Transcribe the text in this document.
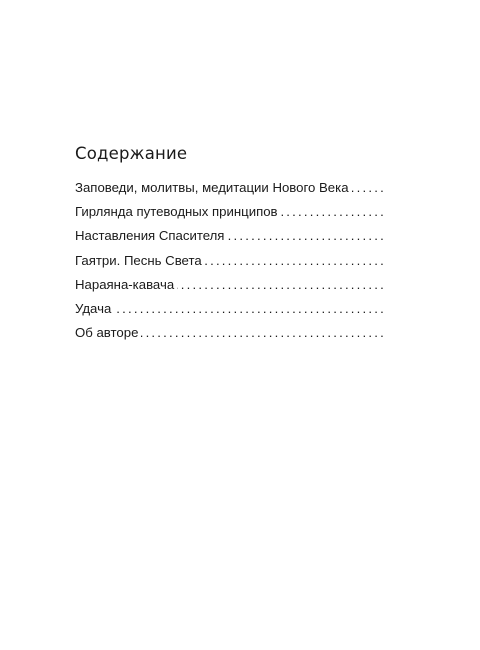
Содержание
Заповеди, молитвы, медитации Нового Века
.....
Гирлянда путеводных принципов
.....
Наставления Спасителя
.....
Гаятри. Песнь Света
.....
Нараяна-кавача
.....
Удача
.....
Об авторе
.....
